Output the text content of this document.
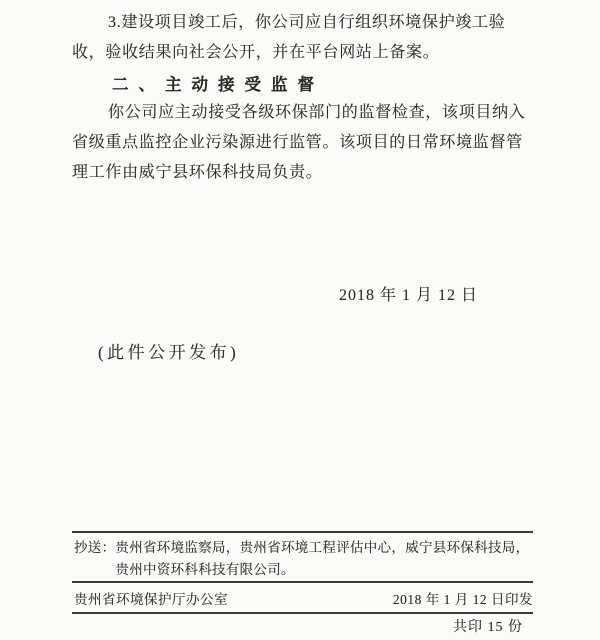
3.建设项目竣工后，你公司应自行组织环境保护竣工验
收，验收结果向社会公开，并在平台网站上备案。
二、主动接受监督
你公司应主动接受各级环保部门的监督检查，该项目纳入
省级重点监控企业污染源进行监管。该项目的日常环境监督管
理工作由威宁县环保科技局负责。
2018 年 1 月 12 日
(此件公开发布)
抄送： 贵州省环境监察局，贵州省环境工程评估中心，威宁县环保科技局，
贵州中资环科科技有限公司。
贵州省环境保护厅办公室	2018 年 1 月 12 日印发
共印 15 份
